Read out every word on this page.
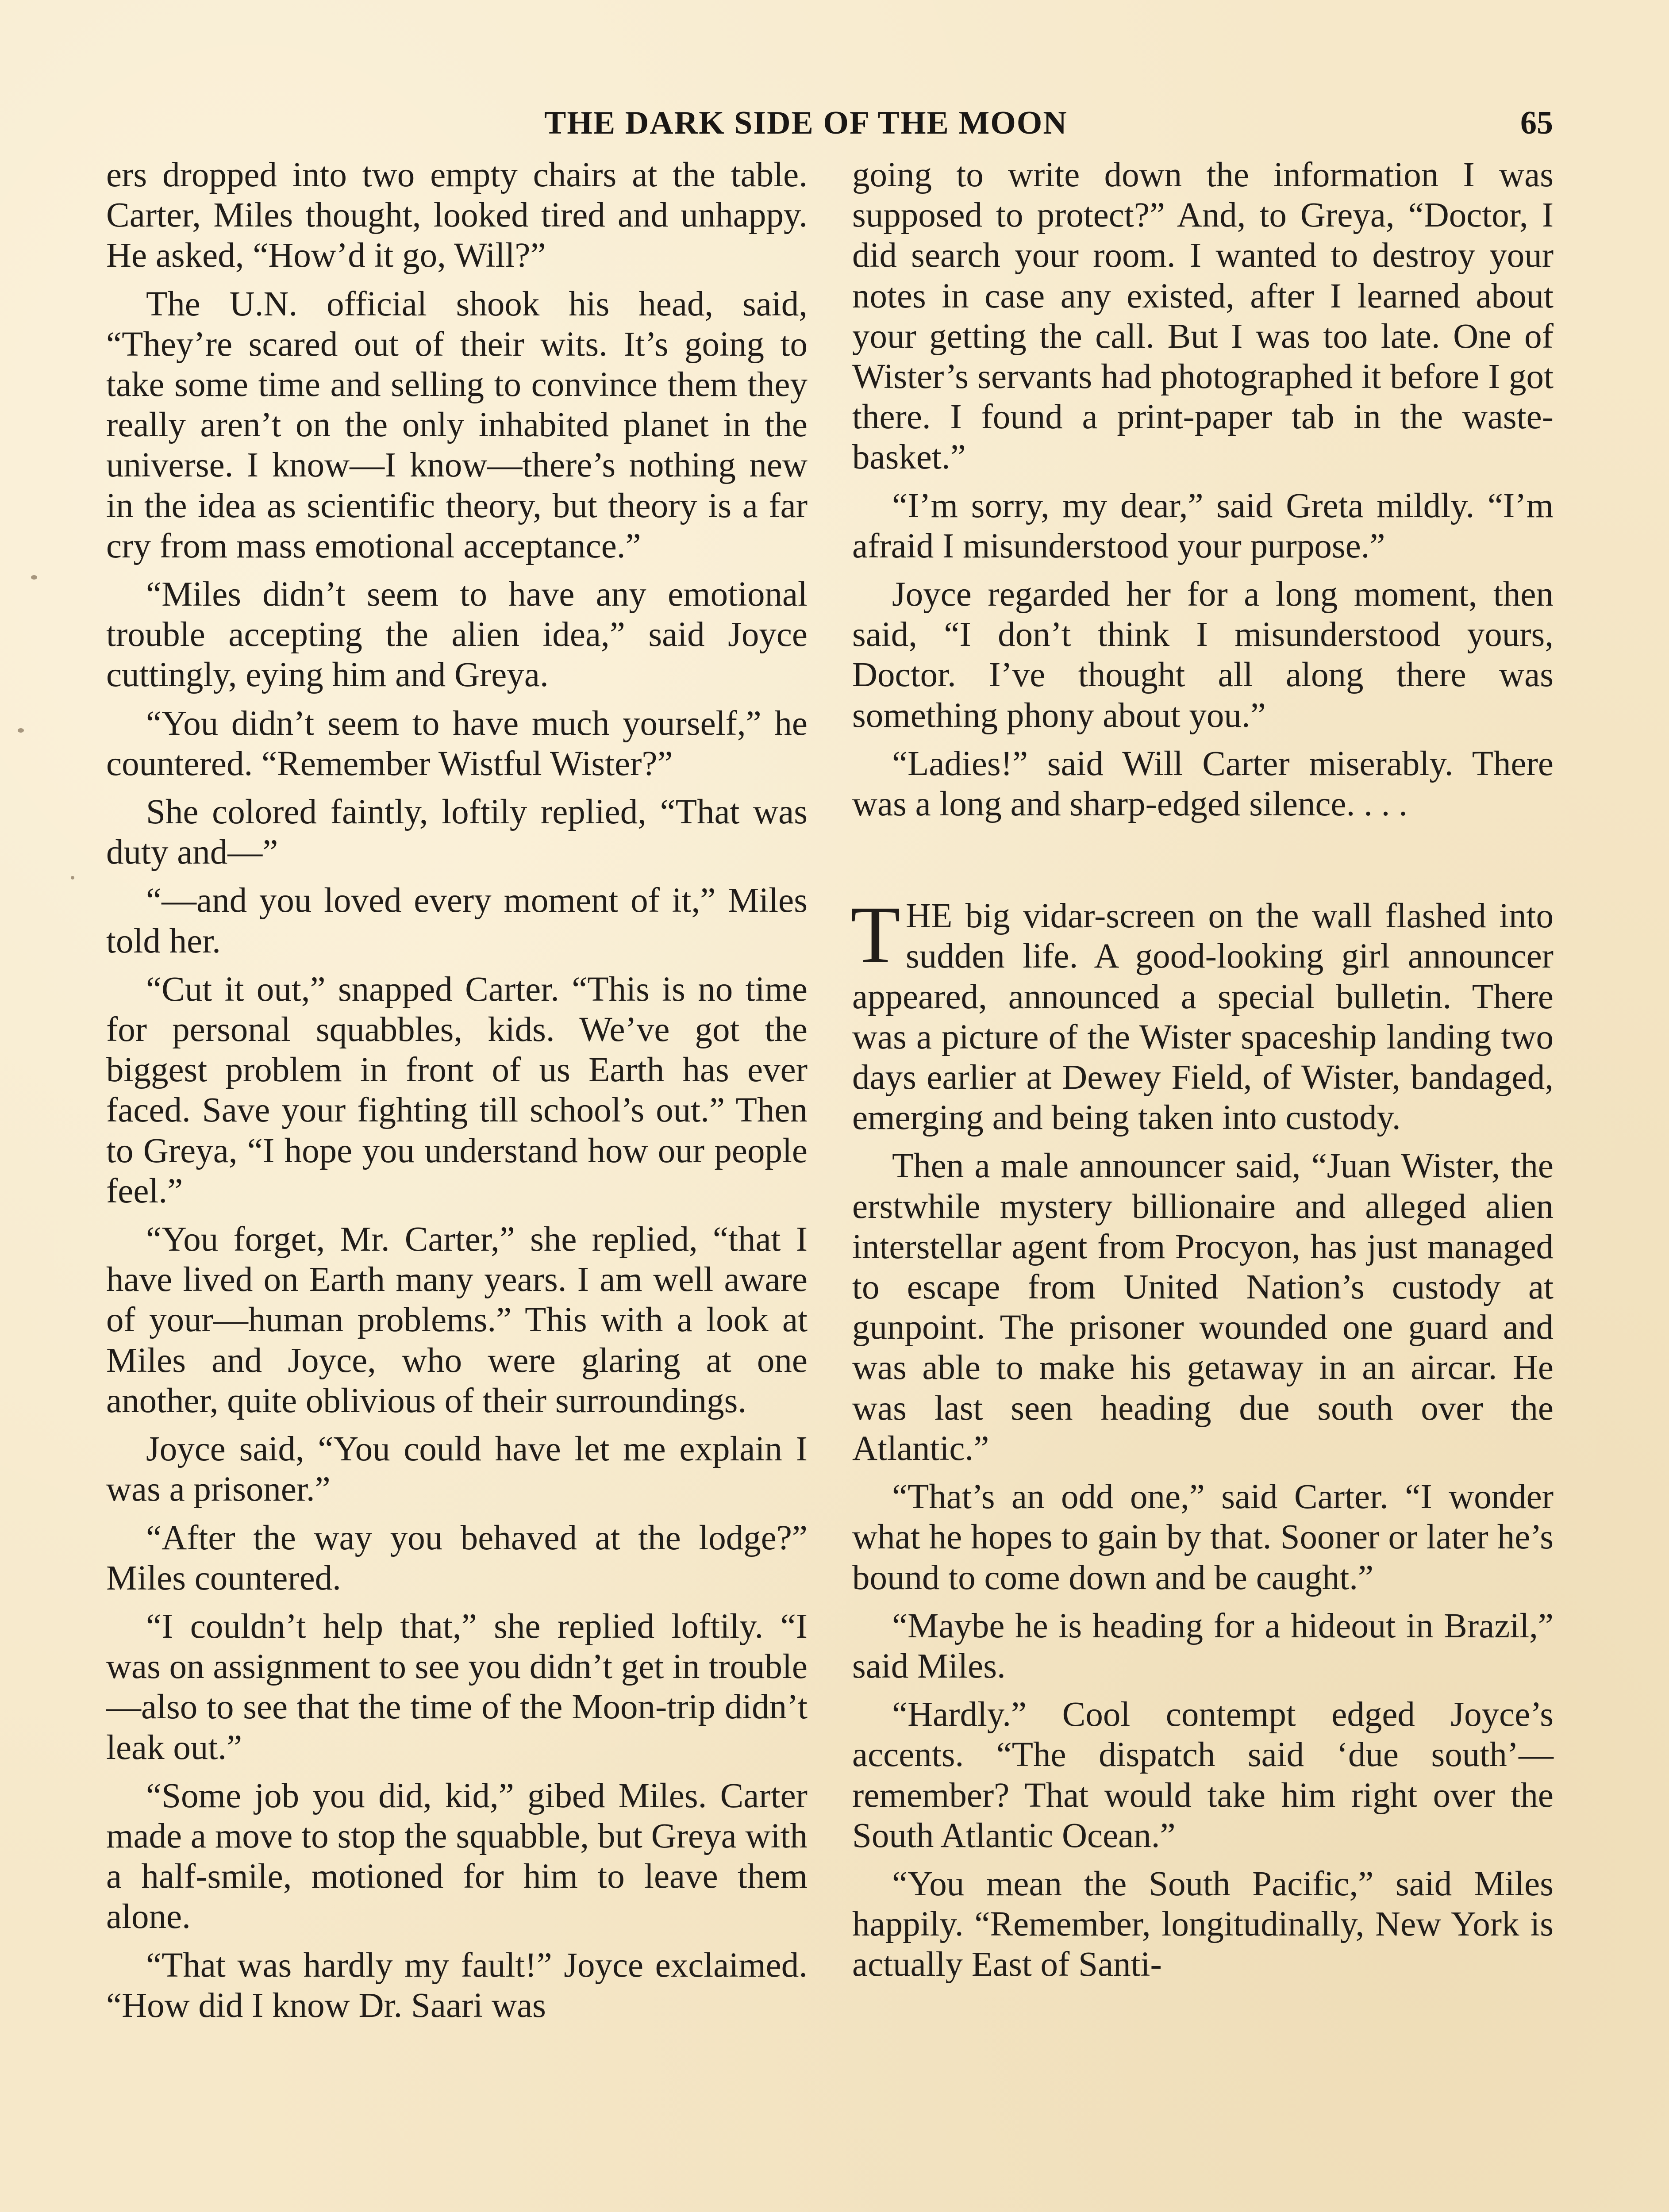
THE DARK SIDE OF THE MOON	65

ers dropped into two empty chairs at the table. Carter, Miles thought, looked tired and unhappy. He asked, “How’d it go, Will?”

The U.N. official shook his head, said, “They’re scared out of their wits. It’s going to take some time and selling to convince them they really aren’t on the only inhabited planet in the universe. I know—I know—there’s nothing new in the idea as scientific theory, but theory is a far cry from mass emotional acceptance.”

“Miles didn’t seem to have any emotional trouble accepting the alien idea,” said Joyce cuttingly, eying him and Greya.

“You didn’t seem to have much yourself,” he countered. “Remember Wistful Wister?”

She colored faintly, loftily replied, “That was duty and—”

“—and you loved every moment of it,” Miles told her.

“Cut it out,” snapped Carter. “This is no time for personal squabbles, kids. We’ve got the biggest problem in front of us Earth has ever faced. Save your fighting till school’s out.” Then to Greya, “I hope you understand how our people feel.”

“You forget, Mr. Carter,” she replied, “that I have lived on Earth many years. I am well aware of your—human problems.” This with a look at Miles and Joyce, who were glaring at one another, quite oblivious of their surroundings.

Joyce said, “You could have let me explain I was a prisoner.”

“After the way you behaved at the lodge?” Miles countered.

“I couldn’t help that,” she replied loftily. “I was on assignment to see you didn’t get in trouble—also to see that the time of the Moon-trip didn’t leak out.”

“Some job you did, kid,” gibed Miles. Carter made a move to stop the squabble, but Greya with a half-smile, motioned for him to leave them alone.

“That was hardly my fault!” Joyce exclaimed. “How did I know Dr. Saari was

going to write down the information I was supposed to protect?” And, to Greya, “Doctor, I did search your room. I wanted to destroy your notes in case any existed, after I learned about your getting the call. But I was too late. One of Wister’s servants had photographed it before I got there. I found a print-paper tab in the waste-basket.”

“I’m sorry, my dear,” said Greta mildly. “I’m afraid I misunderstood your purpose.”

Joyce regarded her for a long moment, then said, “I don’t think I misunderstood yours, Doctor. I’ve thought all along there was something phony about you.”

“Ladies!” said Will Carter miserably. There was a long and sharp-edged silence. . . .

THE big vidar-screen on the wall flashed into sudden life. A good-looking girl announcer appeared, announced a special bulletin. There was a picture of the Wister spaceship landing two days earlier at Dewey Field, of Wister, bandaged, emerging and being taken into custody.

Then a male announcer said, “Juan Wister, the erstwhile mystery billionaire and alleged alien interstellar agent from Procyon, has just managed to escape from United Nation’s custody at gunpoint. The prisoner wounded one guard and was able to make his getaway in an aircar. He was last seen heading due south over the Atlantic.”

“That’s an odd one,” said Carter. “I wonder what he hopes to gain by that. Sooner or later he’s bound to come down and be caught.”

“Maybe he is heading for a hideout in Brazil,” said Miles.

“Hardly.” Cool contempt edged Joyce’s accents. “The dispatch said ‘due south’—remember? That would take him right over the South Atlantic Ocean.”

“You mean the South Pacific,” said Miles happily. “Remember, longitudinally, New York is actually East of Santi-
